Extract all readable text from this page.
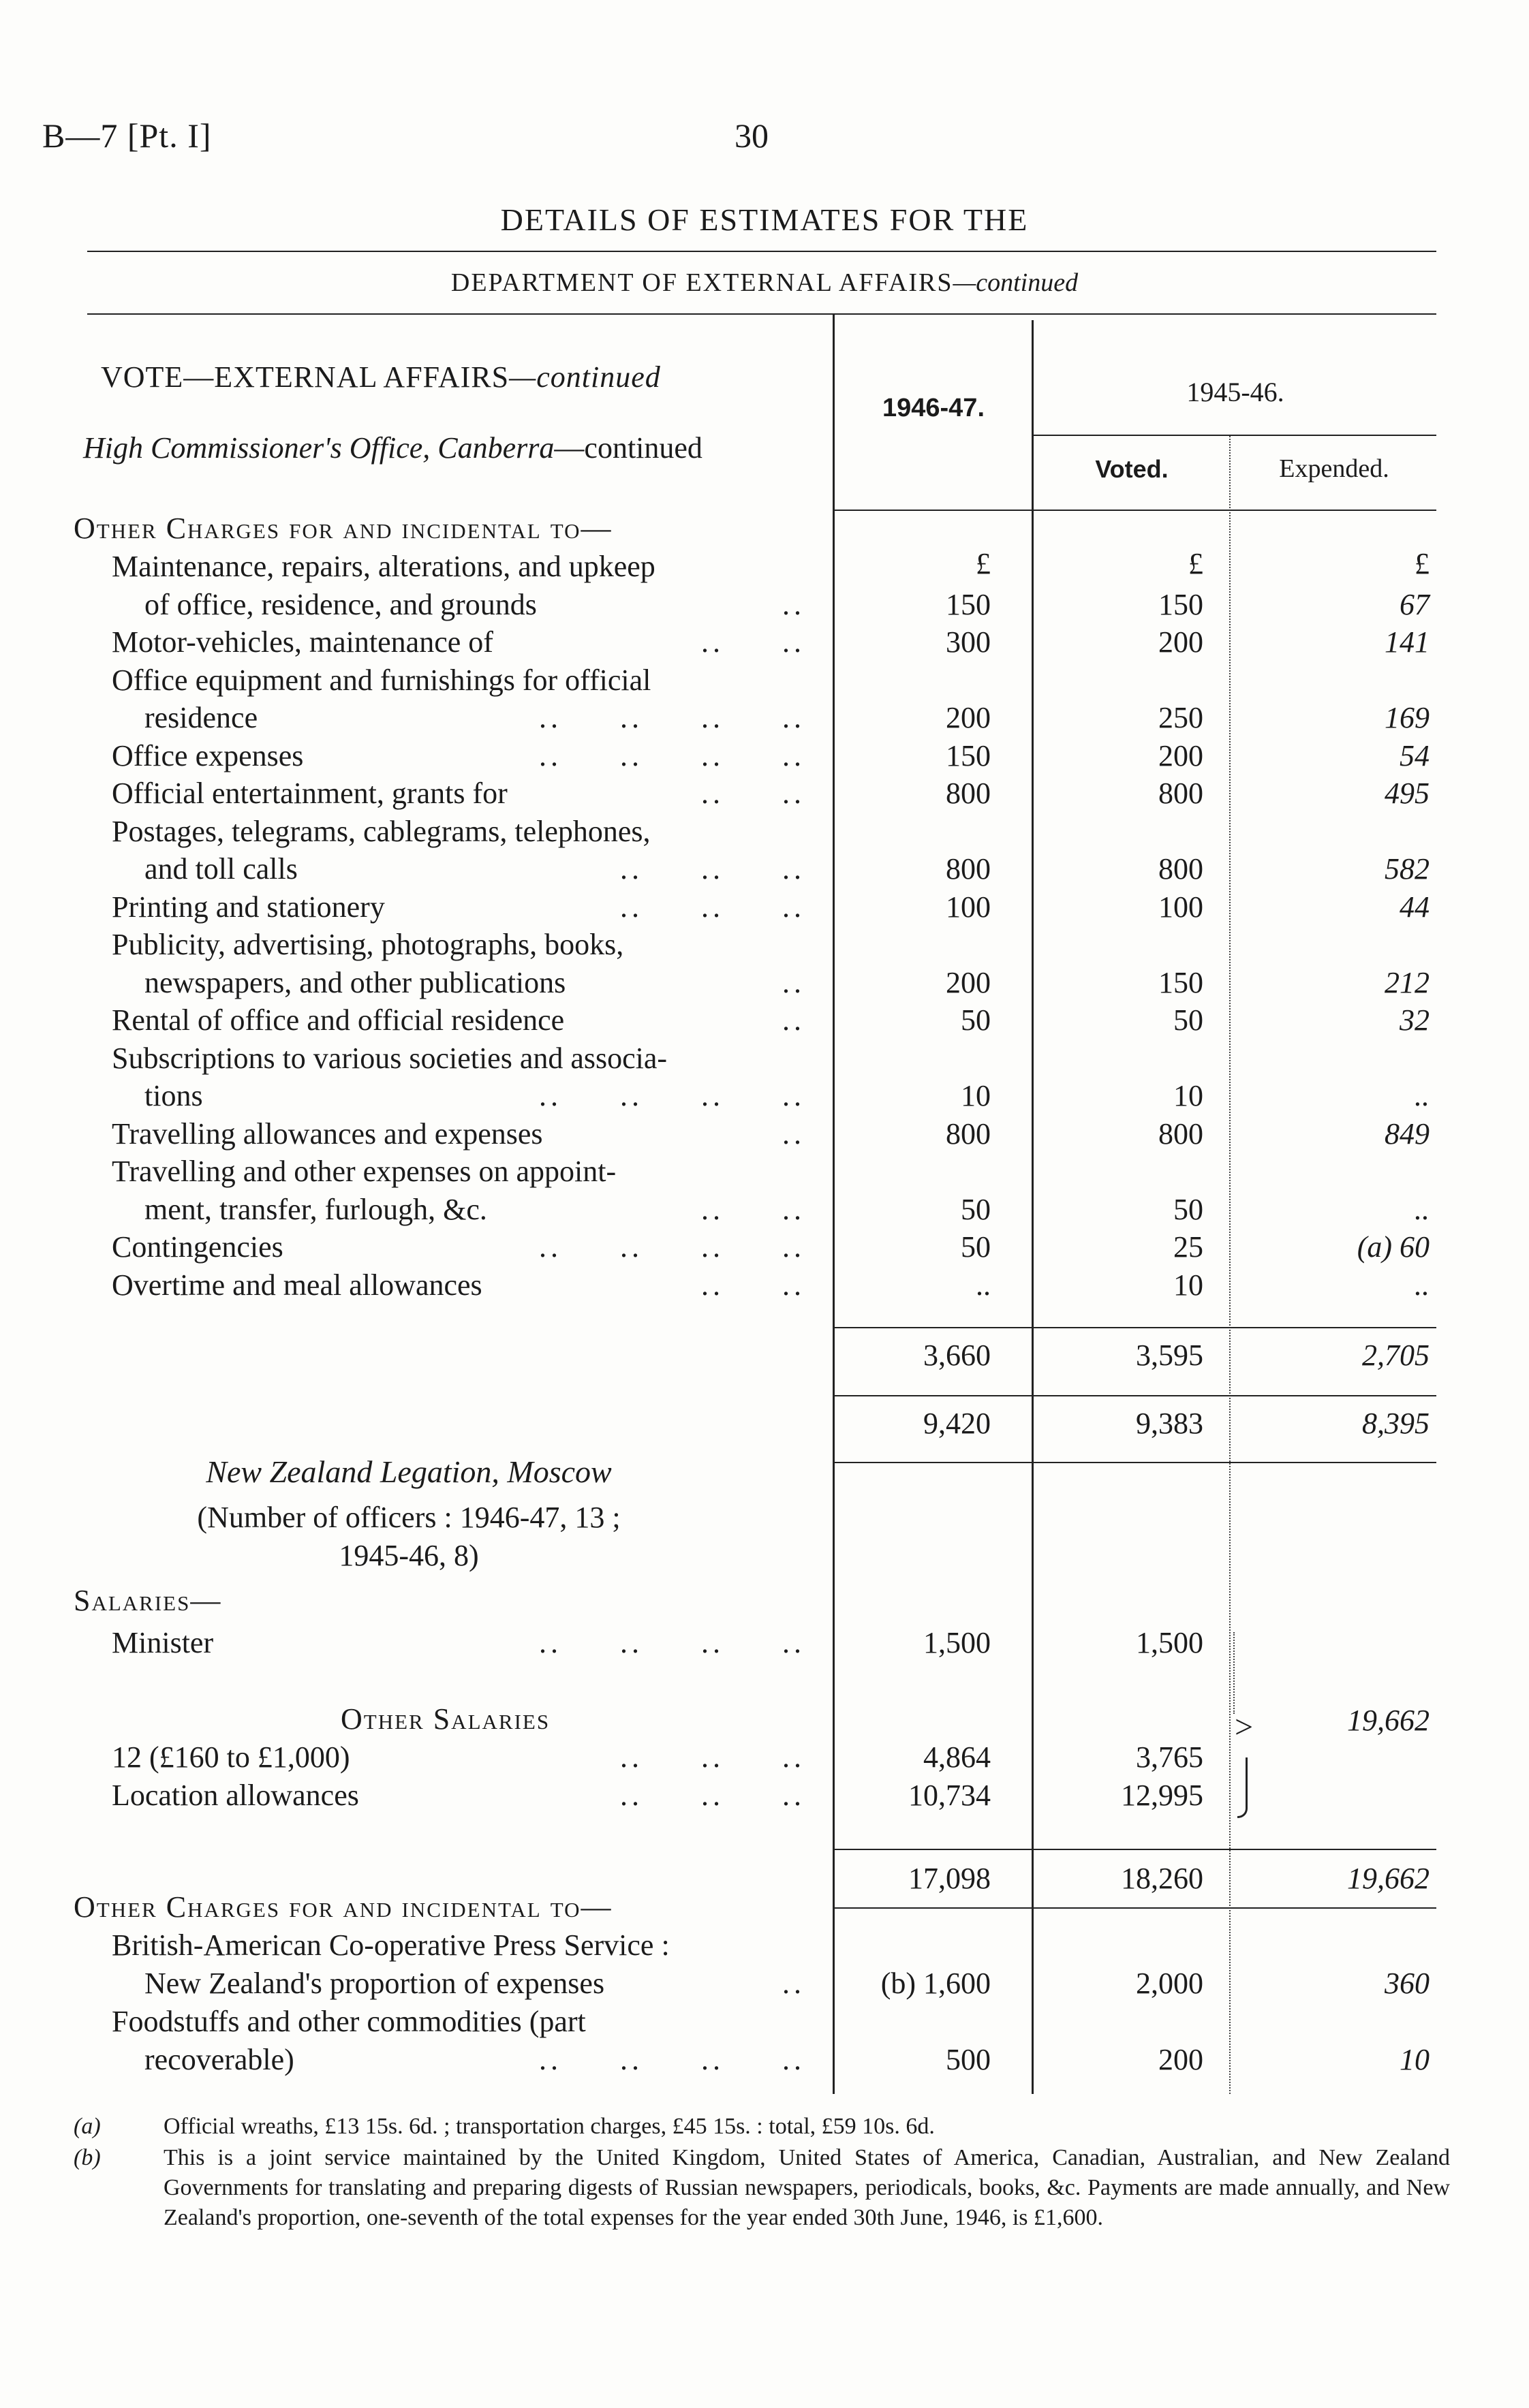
B—7 [Pt. I]	30
DETAILS OF ESTIMATES FOR THE
DEPARTMENT OF EXTERNAL AFFAIRS—continued
VOTE—EXTERNAL AFFAIRS—continued
High Commissioner's Office, Canberra—continued
1946-47.
1945-46.
Voted.	Expended.
£	£	£
Other Charges for and incidental to—
Maintenance, repairs, alterations, and upkeep
of office, residence, and grounds	..	150	150	67
Motor-vehicles, maintenance of	..     ..	300	200	141
Office equipment and furnishings for official
residence	..     ..     ..     ..	200	250	169
Office expenses	..     ..     ..     ..	150	200	54
Official entertainment, grants for	..     ..	800	800	495
Postages, telegrams, cablegrams, telephones,
and toll calls	..     ..     ..	800	800	582
Printing and stationery	..     ..     ..	100	100	44
Publicity, advertising, photographs, books,
newspapers, and other publications	..	200	150	212
Rental of office and official residence	..	50	50	32
Subscriptions to various societies and associa-
tions	..     ..     ..     ..	10	10	..
Travelling allowances and expenses	..	800	800	849
Travelling and other expenses on appoint-
ment, transfer, furlough, &c.	..     ..	50	50	..
Contingencies	..     ..     ..     ..	50	25	(a) 60
Overtime and meal allowances	..     ..	..	10	..
3,660	3,595	2,705
9,420	9,383	8,395
New Zealand Legation, Moscow
(Number of officers : 1946-47, 13 ;
1945-46, 8)
Salaries—
Minister	..     ..     ..     ..	1,500	1,500
Other Salaries
12 (£160 to £1,000)	..     ..     ..	4,864	3,765
Location allowances	..     ..     ..	10,734	12,995
>	19,662
17,098	18,260	19,662
Other Charges for and incidental to—
British-American Co-operative Press Service :
New Zealand's proportion of expenses	..	(b) 1,600	2,000	360
Foodstuffs and other commodities (part
recoverable)	..     ..     ..     ..	500	200	10
(a)	Official wreaths, £13 15s. 6d. ; transportation charges, £45 15s. : total, £59 10s. 6d.
(b)	This is a joint service maintained by the United Kingdom, United States of America, Canadian, Australian, and New Zealand Governments for translating and preparing digests of Russian newspapers, periodicals, books, &c. Payments are made annually, and New Zealand's proportion, one-seventh of the total expenses for the year ended 30th June, 1946, is £1,600.
